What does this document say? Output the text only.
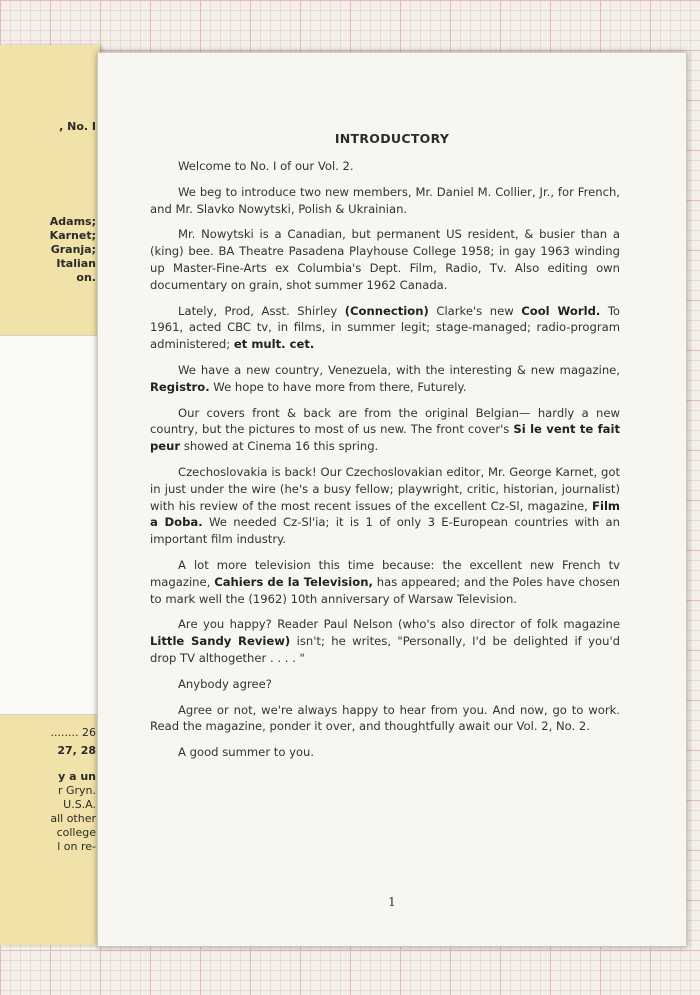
, No. I
Adams;
Karnet;
Granja;
Italian
on.
........ 26
27, 28
y a un
r Gryn.
U.S.A.
all other
college
l on re-
INTRODUCTORY

Welcome to No. I of our Vol. 2.

We beg to introduce two new members, Mr. Daniel M. Collier, Jr., for French, and Mr. Slavko Nowytski, Polish & Ukrainian.

Mr. Nowytski is a Canadian, but permanent US resident, & busier than a (king) bee. BA Theatre Pasadena Playhouse College 1958; in gay 1963 winding up Master-Fine-Arts ex Columbia's Dept. Film, Radio, Tv. Also editing own documentary on grain, shot summer 1962 Canada.

Lately, Prod, Asst. Shirley (Connection) Clarke's new Cool World. To 1961, acted CBC tv, in films, in summer legit; stage-managed; radio-program administered; et mult. cet.

We have a new country, Venezuela, with the interesting & new magazine, Registro. We hope to have more from there, Futurely.

Our covers front & back are from the original Belgian— hardly a new country, but the pictures to most of us new. The front cover's Si le vent te fait peur showed at Cinema 16 this spring.

Czechoslovakia is back! Our Czechoslovakian editor, Mr. George Karnet, got in just under the wire (he's a busy fellow; playwright, critic, historian, journalist) with his review of the most recent issues of the excellent Cz-Sl, magazine, Film a Doba. We needed Cz-Sl'ia; it is 1 of only 3 E-European countries with an important film industry.

A lot more television this time because: the excellent new French tv magazine, Cahiers de la Television, has appeared; and the Poles have chosen to mark well the (1962) 10th anniversary of Warsaw Television.

Are you happy? Reader Paul Nelson (who's also director of folk magazine Little Sandy Review) isn't; he writes, "Personally, I'd be delighted if you'd drop TV althogether . . . . "

Anybody agree?

Agree or not, we're always happy to hear from you. And now, go to work. Read the magazine, ponder it over, and thoughtfully await our Vol. 2, No. 2.

A good summer to you.

1
